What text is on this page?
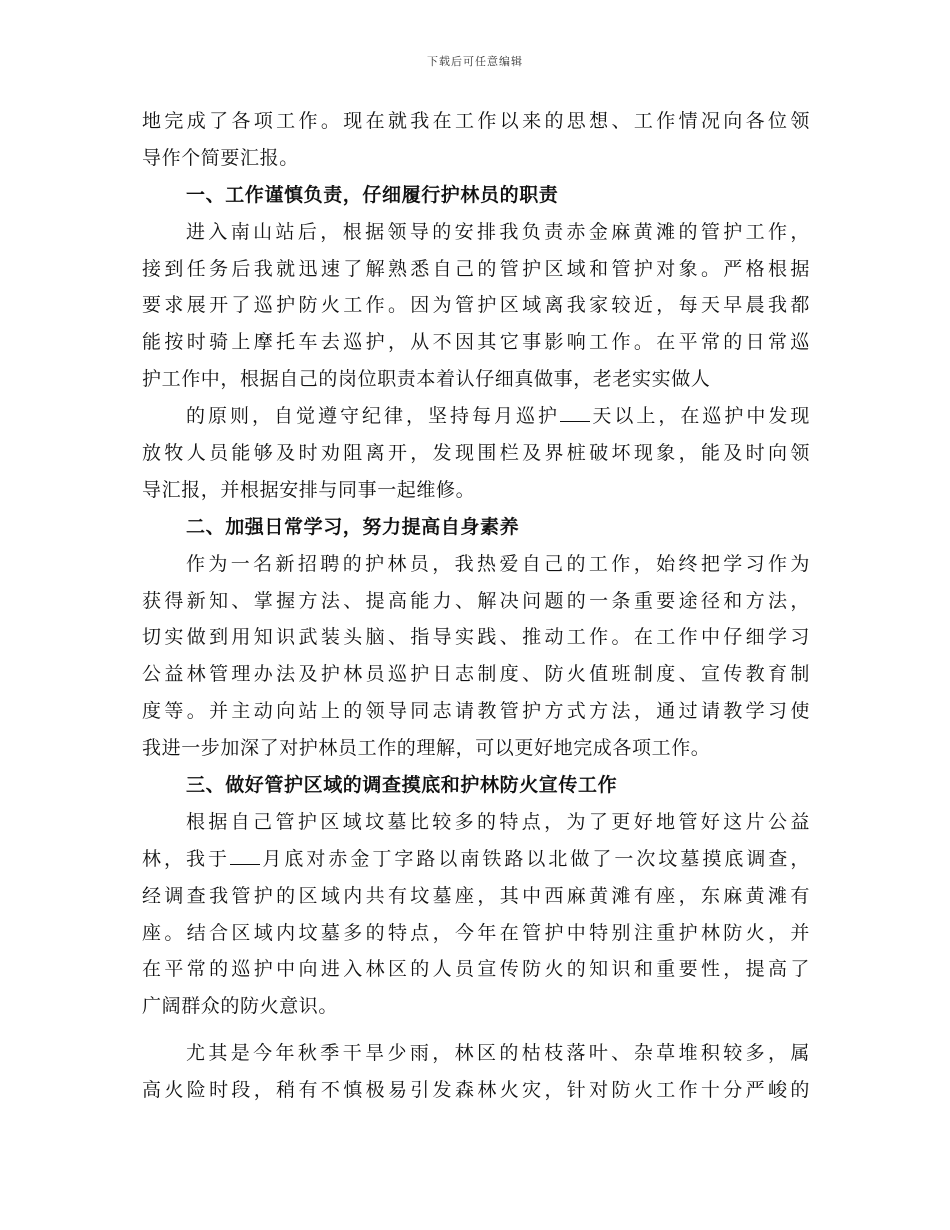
下载后可任意编辑
地完成了各项工作。现在就我在工作以来的思想、工作情况向各位领
导作个简要汇报。
一、工作谨慎负责，仔细履行护林员的职责
进入南山站后，根据领导的安排我负责赤金麻黄滩的管护工作，
接到任务后我就迅速了解熟悉自己的管护区域和管护对象。严格根据
要求展开了巡护防火工作。因为管护区域离我家较近，每天早晨我都
能按时骑上摩托车去巡护，从不因其它事影响工作。在平常的日常巡
护工作中，根据自己的岗位职责本着认仔细真做事，老老实实做人
的原则，自觉遵守纪律，坚持每月巡护 天以上，在巡护中发现
放牧人员能够及时劝阻离开，发现围栏及界桩破坏现象，能及时向领
导汇报，并根据安排与同事一起维修。
二、加强日常学习，努力提高自身素养
作为一名新招聘的护林员，我热爱自己的工作，始终把学习作为
获得新知、掌握方法、提高能力、解决问题的一条重要途径和方法，
切实做到用知识武装头脑、指导实践、推动工作。在工作中仔细学习
公益林管理办法及护林员巡护日志制度、防火值班制度、宣传教育制
度等。并主动向站上的领导同志请教管护方式方法，通过请教学习使
我进一步加深了对护林员工作的理解，可以更好地完成各项工作。
三、做好管护区域的调查摸底和护林防火宣传工作
根据自己管护区域坟墓比较多的特点，为了更好地管好这片公益
林，我于 月底对赤金丁字路以南铁路以北做了一次坟墓摸底调查，
经调查我管护的区域内共有坟墓座，其中西麻黄滩有座，东麻黄滩有
座。结合区域内坟墓多的特点，今年在管护中特别注重护林防火，并
在平常的巡护中向进入林区的人员宣传防火的知识和重要性，提高了
广阔群众的防火意识。
尤其是今年秋季干旱少雨，林区的枯枝落叶、杂草堆积较多，属
高火险时段，稍有不慎极易引发森林火灾，针对防火工作十分严峻的
